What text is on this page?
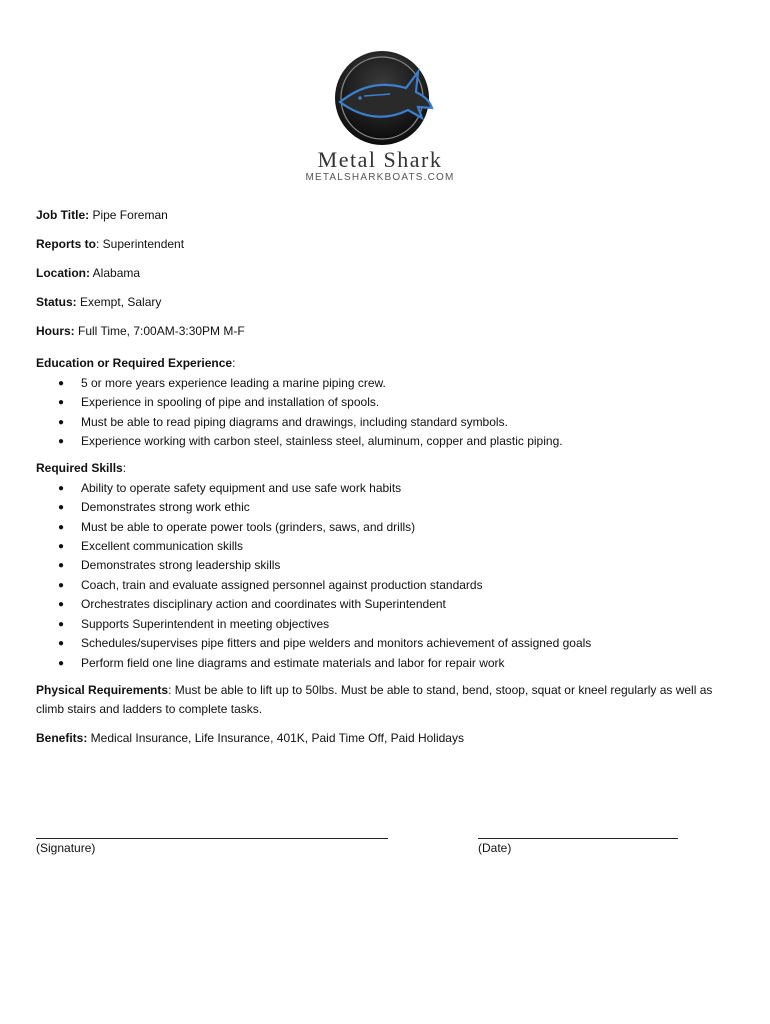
Metal Shark
METALSHARKBOATS.COM
Job Title: Pipe Foreman
Reports to: Superintendent
Location: Alabama
Status: Exempt, Salary
Hours: Full Time, 7:00AM-3:30PM M-F
Education or Required Experience:
● 5 or more years experience leading a marine piping crew.
● Experience in spooling of pipe and installation of spools.
● Must be able to read piping diagrams and drawings, including standard symbols.
● Experience working with carbon steel, stainless steel, aluminum, copper and plastic piping.
Required Skills:
● Ability to operate safety equipment and use safe work habits
● Demonstrates strong work ethic
● Must be able to operate power tools (grinders, saws, and drills)
● Excellent communication skills
● Demonstrates strong leadership skills
● Coach, train and evaluate assigned personnel against production standards
● Orchestrates disciplinary action and coordinates with Superintendent
● Supports Superintendent in meeting objectives
● Schedules/supervises pipe fitters and pipe welders and monitors achievement of assigned goals
● Perform field one line diagrams and estimate materials and labor for repair work
Physical Requirements: Must be able to lift up to 50lbs. Must be able to stand, bend, stoop, squat or kneel regularly as well as climb stairs and ladders to complete tasks.
Benefits: Medical Insurance, Life Insurance, 401K, Paid Time Off, Paid Holidays
(Signature)	(Date)
